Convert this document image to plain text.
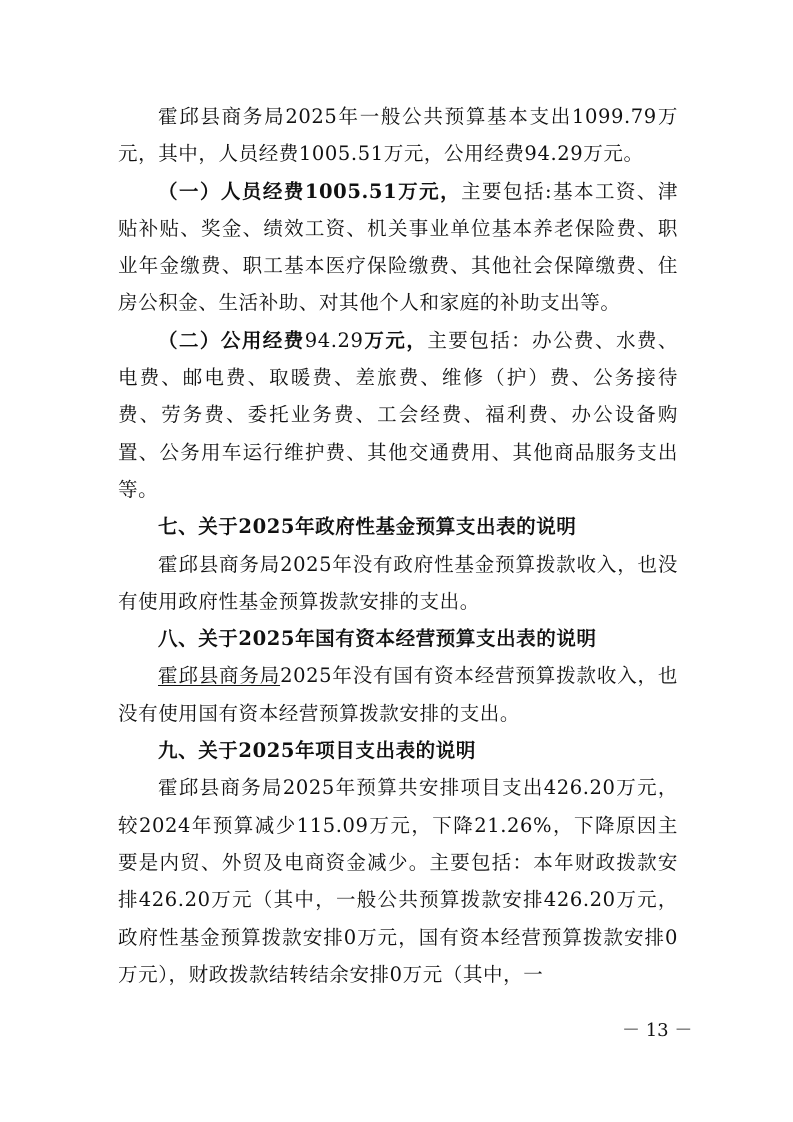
霍邱县商务局2025年一般公共预算基本支出1099.79万元，其中，人员经费1005.51万元，公用经费94.29万元。

（一）人员经费1005.51万元，主要包括:基本工资、津贴补贴、奖金、绩效工资、机关事业单位基本养老保险费、职业年金缴费、职工基本医疗保险缴费、其他社会保障缴费、住房公积金、生活补助、对其他个人和家庭的补助支出等。

（二）公用经费94.29万元，主要包括：办公费、水费、电费、邮电费、取暖费、差旅费、维修（护）费、公务接待费、劳务费、委托业务费、工会经费、福利费、办公设备购置、公务用车运行维护费、其他交通费用、其他商品服务支出等。

七、关于2025年政府性基金预算支出表的说明

霍邱县商务局2025年没有政府性基金预算拨款收入，也没有使用政府性基金预算拨款安排的支出。

八、关于2025年国有资本经营预算支出表的说明

霍邱县商务局2025年没有国有资本经营预算拨款收入，也没有使用国有资本经营预算拨款安排的支出。

九、关于2025年项目支出表的说明

霍邱县商务局2025年预算共安排项目支出426.20万元，较2024年预算减少115.09万元，下降21.26%，下降原因主要是内贸、外贸及电商资金减少。主要包括：本年财政拨款安排426.20万元（其中，一般公共预算拨款安排426.20万元，政府性基金预算拨款安排0万元，国有资本经营预算拨款安排0万元），财政拨款结转结余安排0万元（其中，一

－ 13 －
